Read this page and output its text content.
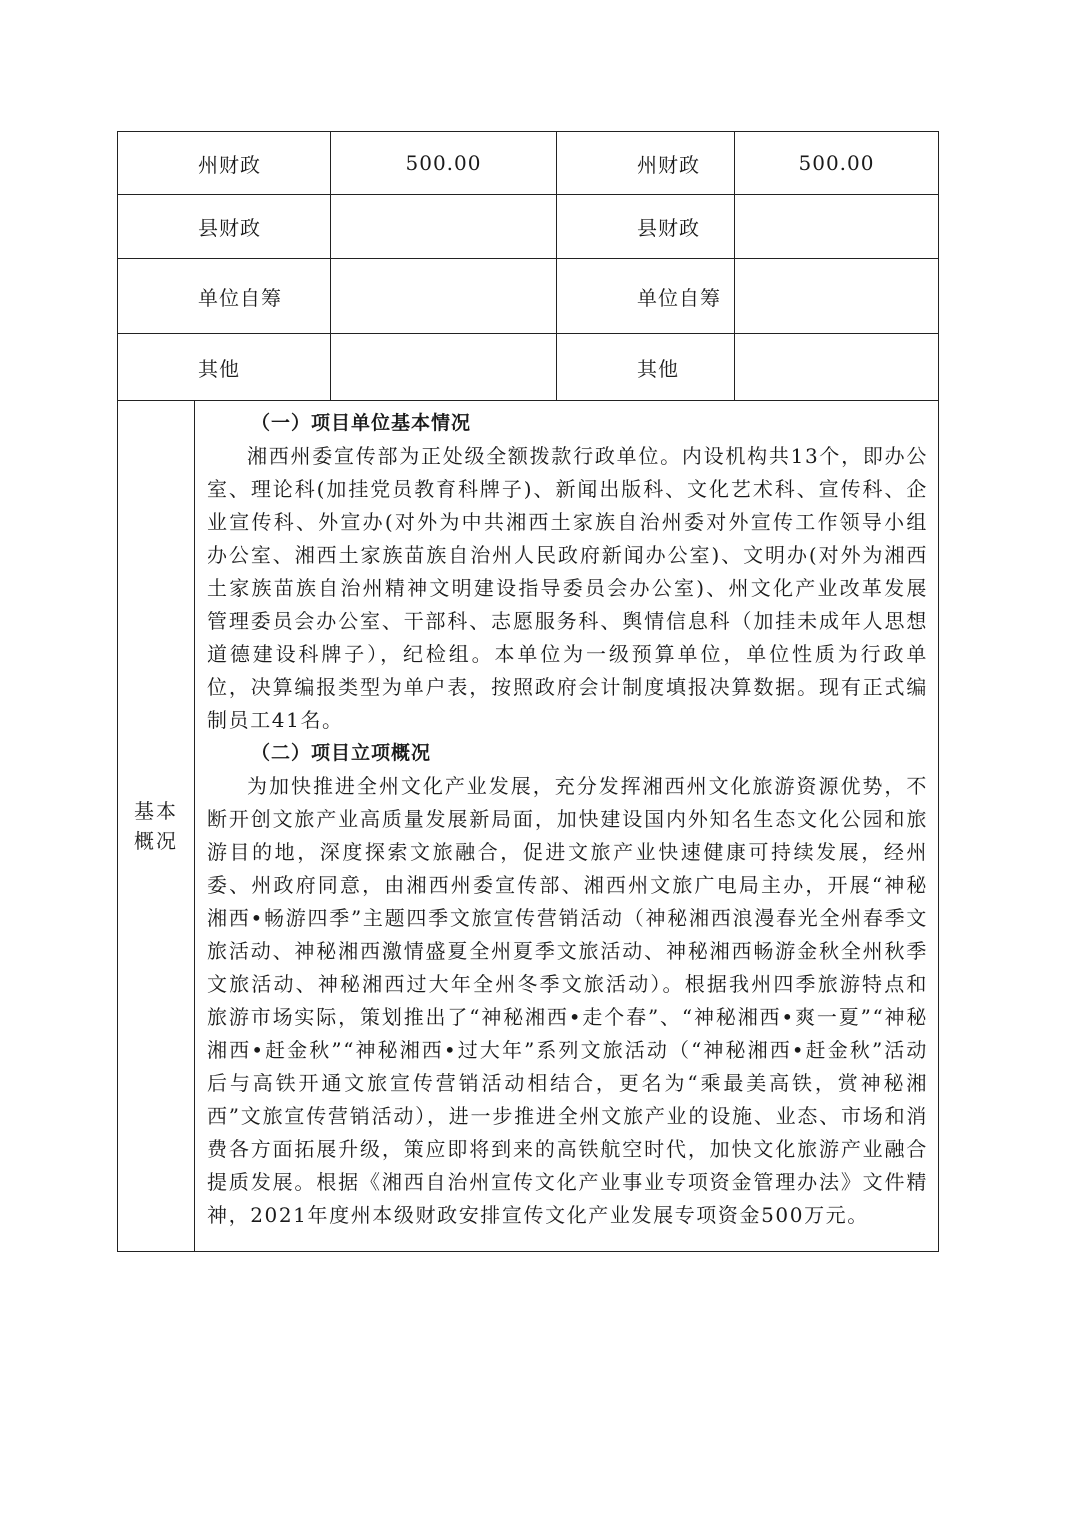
州财政	500.00	州财政	500.00
县财政		县财政	
单位自筹		单位自筹	
其他		其他	
基本
概况

（一）项目单位基本情况

湘西州委宣传部为正处级全额拨款行政单位。内设机构共13个，即办公室、理论科(加挂党员教育科牌子)、新闻出版科、文化艺术科、宣传科、企业宣传科、外宣办(对外为中共湘西土家族自治州委对外宣传工作领导小组办公室、湘西土家族苗族自治州人民政府新闻办公室)、文明办(对外为湘西土家族苗族自治州精神文明建设指导委员会办公室)、州文化产业改革发展管理委员会办公室、干部科、志愿服务科、舆情信息科（加挂未成年人思想道德建设科牌子），纪检组。本单位为一级预算单位，单位性质为行政单位，决算编报类型为单户表，按照政府会计制度填报决算数据。现有正式编制员工41名。

（二）项目立项概况

为加快推进全州文化产业发展，充分发挥湘西州文化旅游资源优势，不断开创文旅产业高质量发展新局面，加快建设国内外知名生态文化公园和旅游目的地，深度探索文旅融合，促进文旅产业快速健康可持续发展，经州委、州政府同意，由湘西州委宣传部、湘西州文旅广电局主办，开展“神秘湘西•畅游四季”主题四季文旅宣传营销活动（神秘湘西浪漫春光全州春季文旅活动、神秘湘西激情盛夏全州夏季文旅活动、神秘湘西畅游金秋全州秋季文旅活动、神秘湘西过大年全州冬季文旅活动）。根据我州四季旅游特点和旅游市场实际，策划推出了“神秘湘西•走个春”、“神秘湘西•爽一夏”“神秘湘西•赶金秋”“神秘湘西•过大年”系列文旅活动（“神秘湘西•赶金秋”活动后与高铁开通文旅宣传营销活动相结合，更名为“乘最美高铁，赏神秘湘西”文旅宣传营销活动），进一步推进全州文旅产业的设施、业态、市场和消费各方面拓展升级，策应即将到来的高铁航空时代，加快文化旅游产业融合提质发展。根据《湘西自治州宣传文化产业事业专项资金管理办法》文件精神，2021年度州本级财政安排宣传文化产业发展专项资金500万元。
